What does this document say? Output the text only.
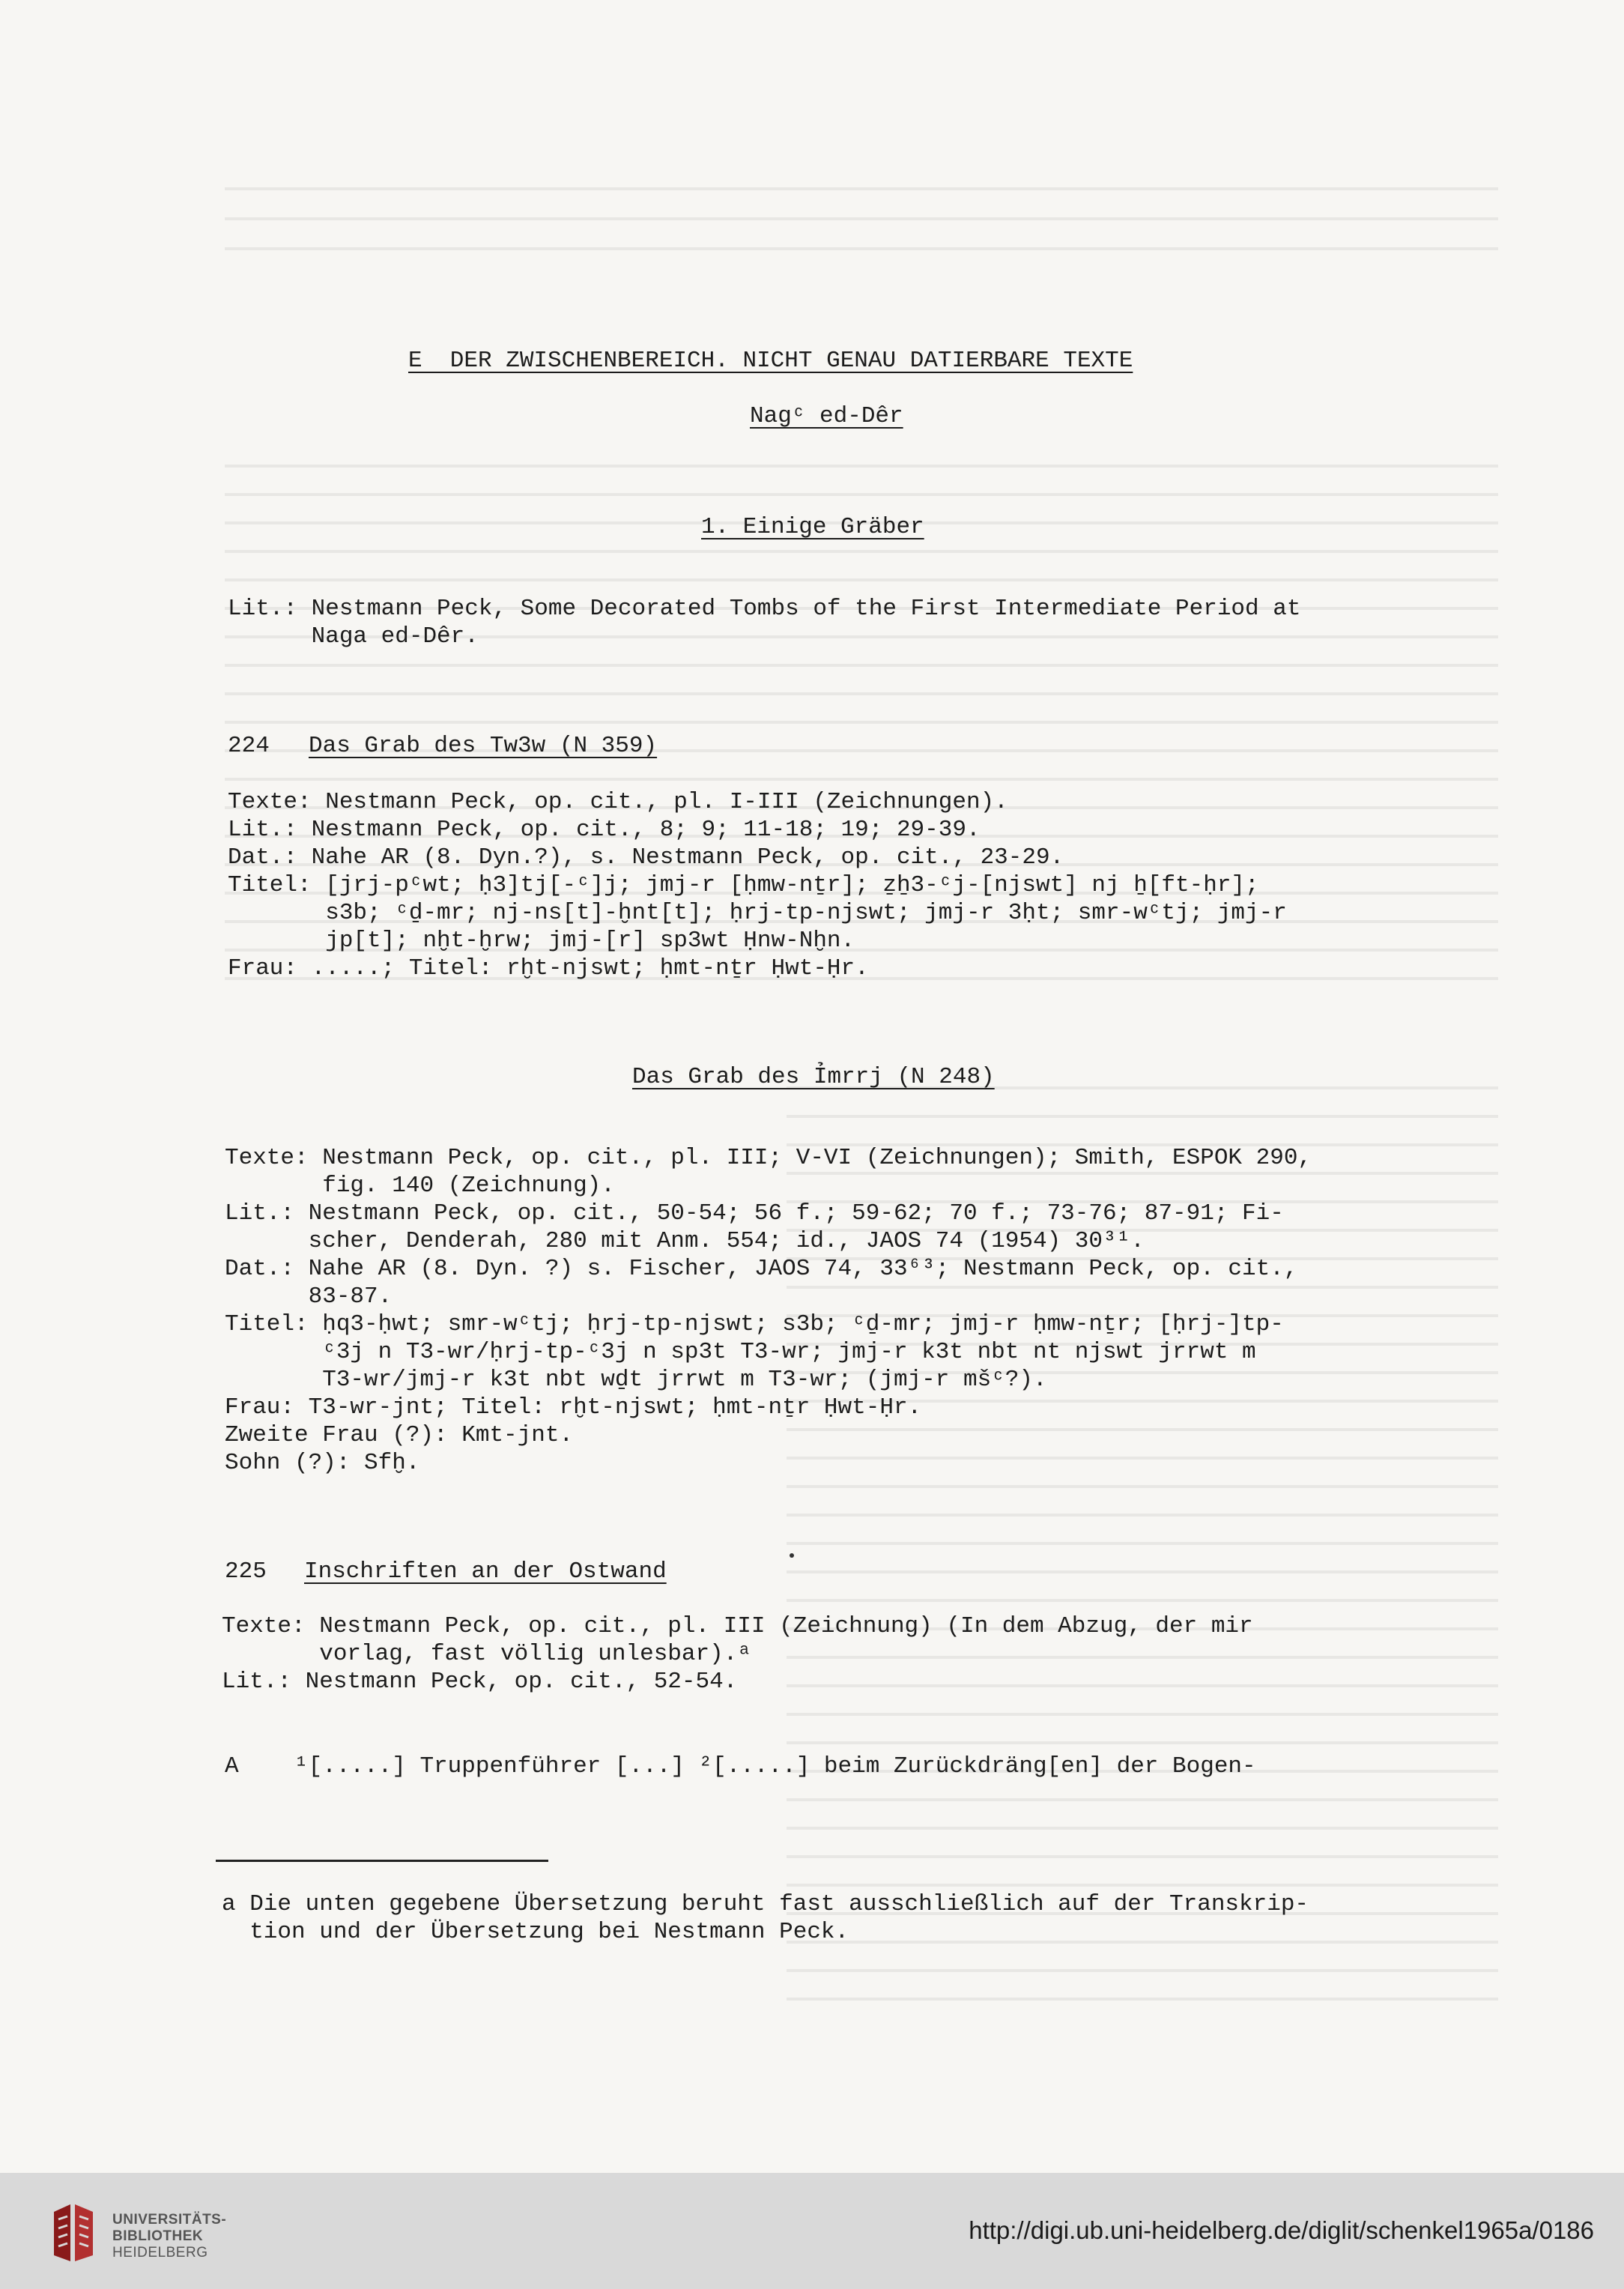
E  DER ZWISCHENBEREICH. NICHT GENAU DATIERBARE TEXTE
Nagᶜ ed-Dêr
1. Einige Gräber
Lit.: Nestmann Peck, Some Decorated Tombs of the First Intermediate Period at
Naga ed-Dêr.
224 Das Grab des Tw3w (N 359)
Texte: Nestmann Peck, op. cit., pl. I-III (Zeichnungen).
Lit.: Nestmann Peck, op. cit., 8; 9; 11-18; 19; 29-39.
Dat.: Nahe AR (8. Dyn.?), s. Nestmann Peck, op. cit., 23-29.
Titel: [jrj-pᶜwt; ḥ3]tj[-ᶜ]j; jmj-r [ḥmw-nṯr]; ẕẖ3-ᶜj-[njswt] nj ẖ[ft-ḥr];
s3b; ᶜḏ-mr; nj-ns[t]-ḫnt[t]; ḥrj-tp-njswt; jmj-r 3ḥt; smr-wᶜtj; jmj-r
jp[t]; nḫt-ḫrw; jmj-[r] sp3wt Ḥnw-Nḫn.
Frau: .....; Titel: rḫt-njswt; ḥmt-nṯr Ḥwt-Ḥr.
Das Grab des Ỉmrrj (N 248)
Texte: Nestmann Peck, op. cit., pl. III; V-VI (Zeichnungen); Smith, ESPOK 290,
fig. 140 (Zeichnung).
Lit.: Nestmann Peck, op. cit., 50-54; 56 f.; 59-62; 70 f.; 73-76; 87-91; Fi-
scher, Denderah, 280 mit Anm. 554; id., JAOS 74 (1954) 30³¹.
Dat.: Nahe AR (8. Dyn. ?) s. Fischer, JAOS 74, 33⁶³; Nestmann Peck, op. cit.,
83-87.
Titel: ḥq3-ḥwt; smr-wᶜtj; ḥrj-tp-njswt; s3b; ᶜḏ-mr; jmj-r ḥmw-nṯr; [ḥrj-]tp-
ᶜ3j n T3-wr/ḥrj-tp-ᶜ3j n sp3t T3-wr; jmj-r k3t nbt nt njswt jrrwt m
T3-wr/jmj-r k3t nbt wḏt jrrwt m T3-wr; (jmj-r mšᶜ?).
Frau: T3-wr-jnt; Titel: rḫt-njswt; ḥmt-nṯr Ḥwt-Ḥr.
Zweite Frau (?): Kmt-jnt.
Sohn (?): Sfḫ.
225 Inschriften an der Ostwand
Texte: Nestmann Peck, op. cit., pl. III (Zeichnung) (In dem Abzug, der mir
vorlag, fast völlig unlesbar).ᵃ
Lit.: Nestmann Peck, op. cit., 52-54.
A    ¹[.....] Truppenführer [...] ²[.....] beim Zurückdräng[en] der Bogen-
a Die unten gegebene Übersetzung beruht fast ausschließlich auf der Transkrip-
tion und der Übersetzung bei Nestmann Peck.
UNIVERSITÄTS-
BIBLIOTHEK
HEIDELBERG
http://digi.ub.uni-heidelberg.de/diglit/schenkel1965a/0186
